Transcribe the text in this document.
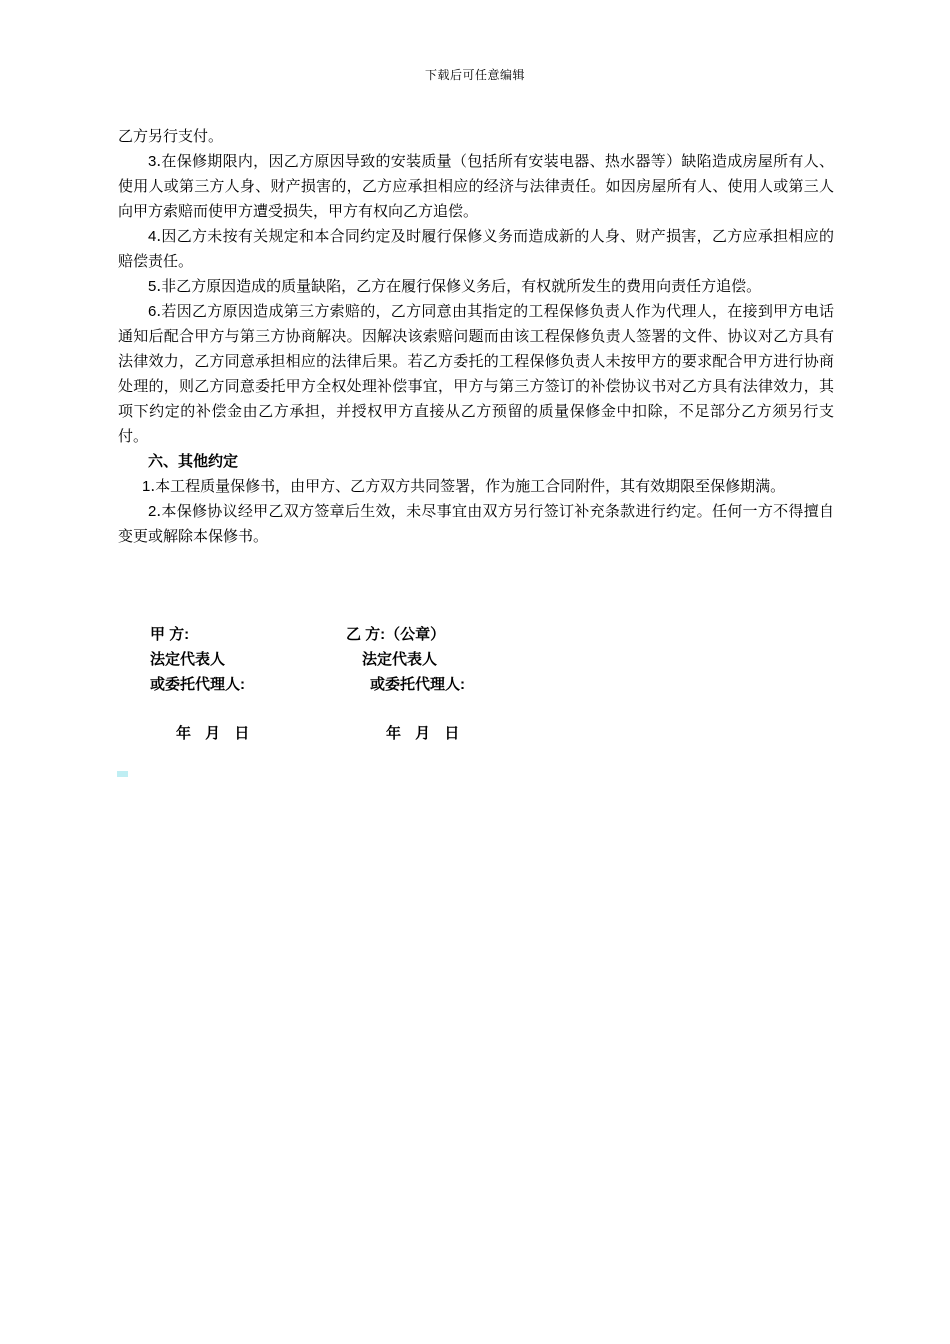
下载后可任意编辑

乙方另行支付。

3.在保修期限内，因乙方原因导致的安装质量（包括所有安装电器、热水器等）缺陷造成房屋所有人、使用人或第三方人身、财产损害的，乙方应承担相应的经济与法律责任。如因房屋所有人、使用人或第三人向甲方索赔而使甲方遭受损失，甲方有权向乙方追偿。

4.因乙方未按有关规定和本合同约定及时履行保修义务而造成新的人身、财产损害，乙方应承担相应的赔偿责任。

5.非乙方原因造成的质量缺陷，乙方在履行保修义务后，有权就所发生的费用向责任方追偿。

6.若因乙方原因造成第三方索赔的，乙方同意由其指定的工程保修负责人作为代理人，在接到甲方电话通知后配合甲方与第三方协商解决。因解决该索赔问题而由该工程保修负责人签署的文件、协议对乙方具有法律效力，乙方同意承担相应的法律后果。若乙方委托的工程保修负责人未按甲方的要求配合甲方进行协商处理的，则乙方同意委托甲方全权处理补偿事宜，甲方与第三方签订的补偿协议书对乙方具有法律效力，其项下约定的补偿金由乙方承担，并授权甲方直接从乙方预留的质量保修金中扣除，不足部分乙方须另行支付。

六、其他约定

1.本工程质量保修书，由甲方、乙方双方共同签署，作为施工合同附件，其有效期限至保修期满。

2.本保修协议经甲乙双方签章后生效，未尽事宜由双方另行签订补充条款进行约定。任何一方不得擅自变更或解除本保修书。

甲 方:	乙 方:（公章）
法定代表人	法定代表人
或委托代理人:	或委托代理人:
年 月 日	年 月 日
